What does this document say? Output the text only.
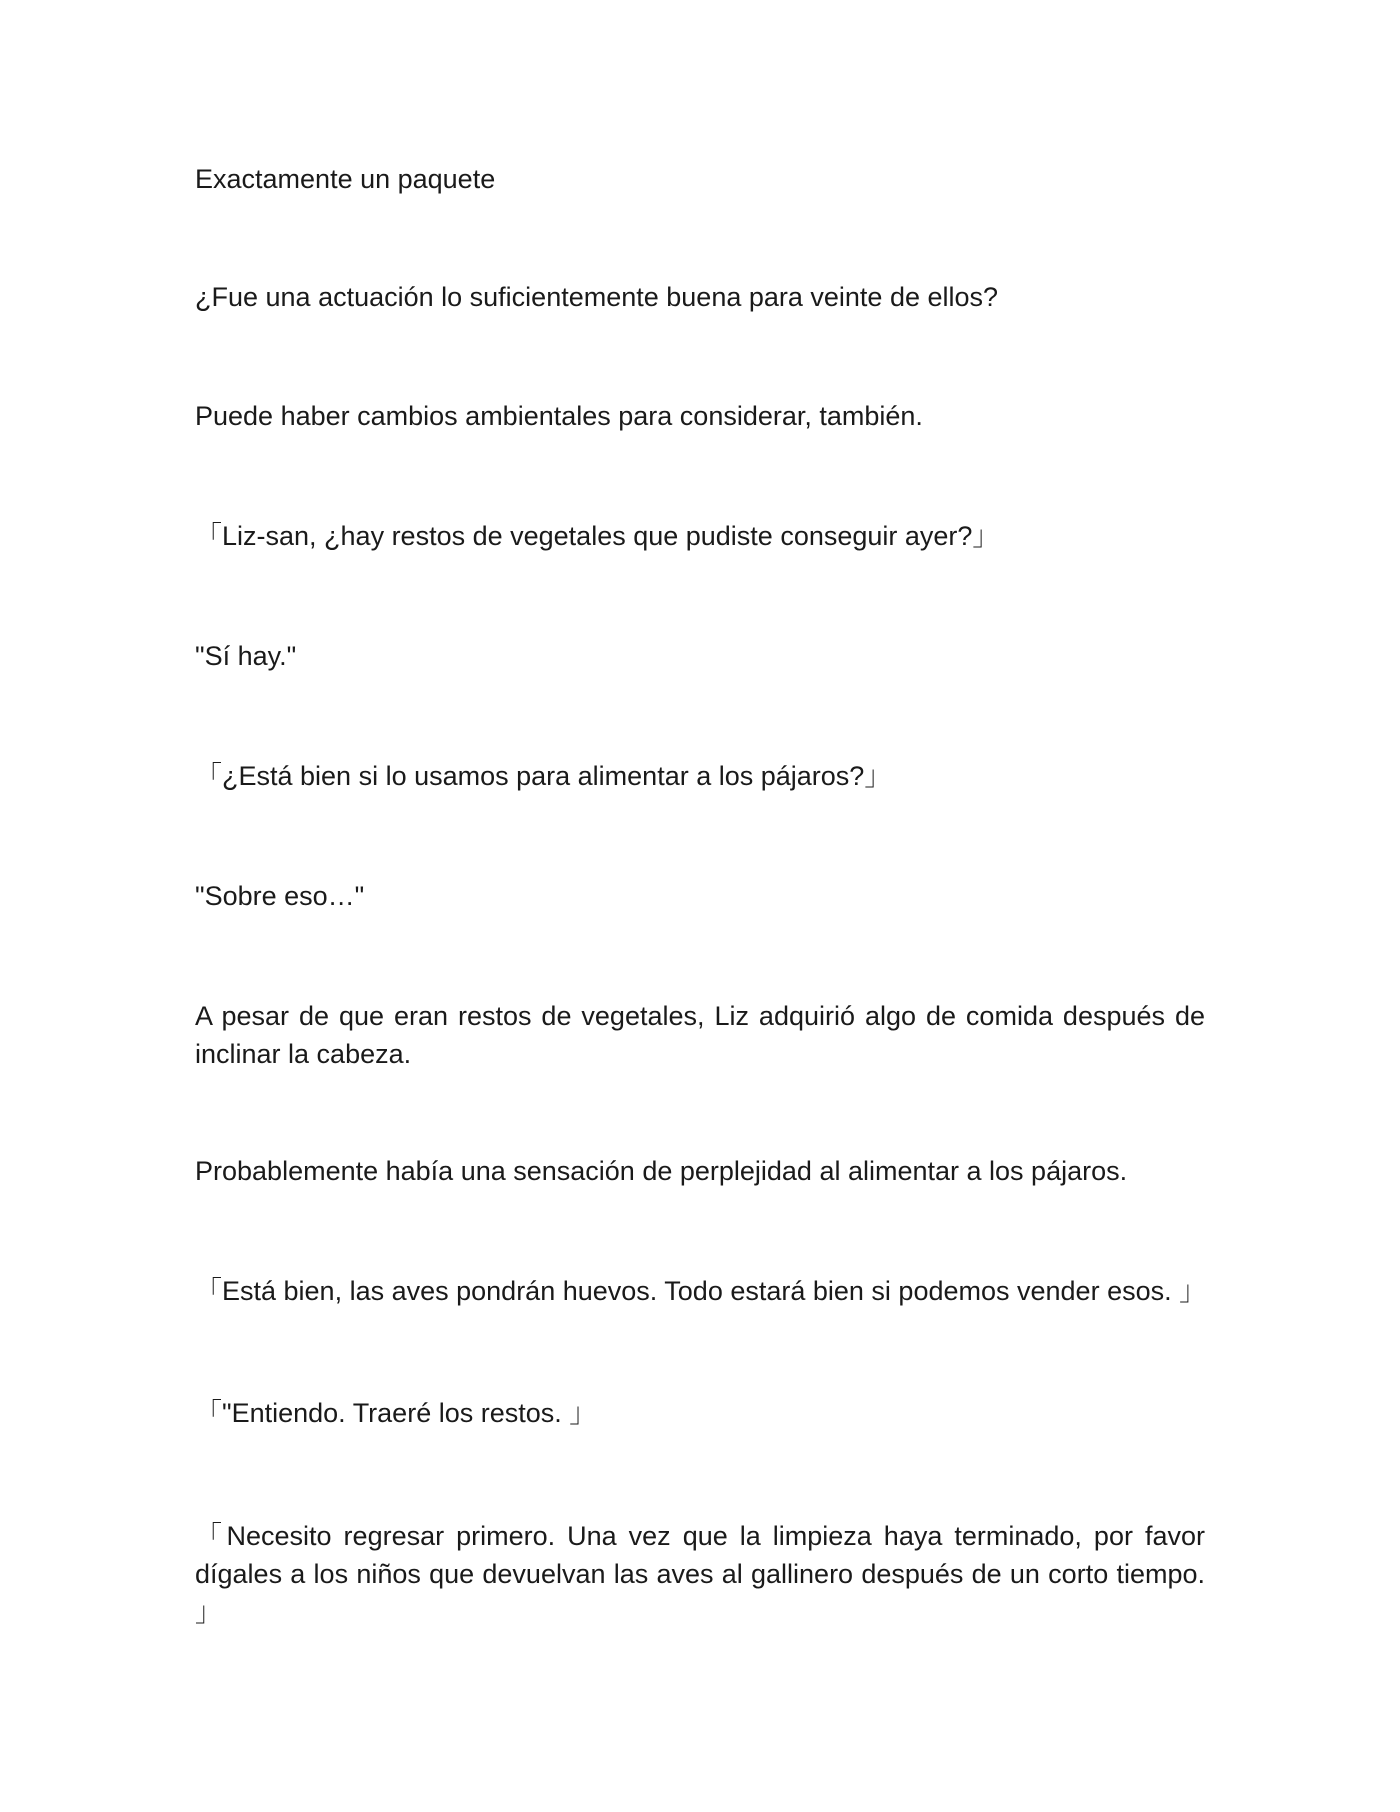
Exactamente un paquete

¿Fue una actuación lo suficientemente buena para veinte de ellos?

Puede haber cambios ambientales para considerar, también.

「Liz-san, ¿hay restos de vegetales que pudiste conseguir ayer?」

"Sí hay."

「¿Está bien si lo usamos para alimentar a los pájaros?」

"Sobre eso…"

A pesar de que eran restos de vegetales, Liz adquirió algo de comida después de inclinar la cabeza.

Probablemente había una sensación de perplejidad al alimentar a los pájaros.

「Está bien, las aves pondrán huevos. Todo estará bien si podemos vender esos. 」

「"Entiendo. Traeré los restos. 」

「Necesito regresar primero. Una vez que la limpieza haya terminado, por favor dígales a los niños que devuelvan las aves al gallinero después de un corto tiempo. 」
